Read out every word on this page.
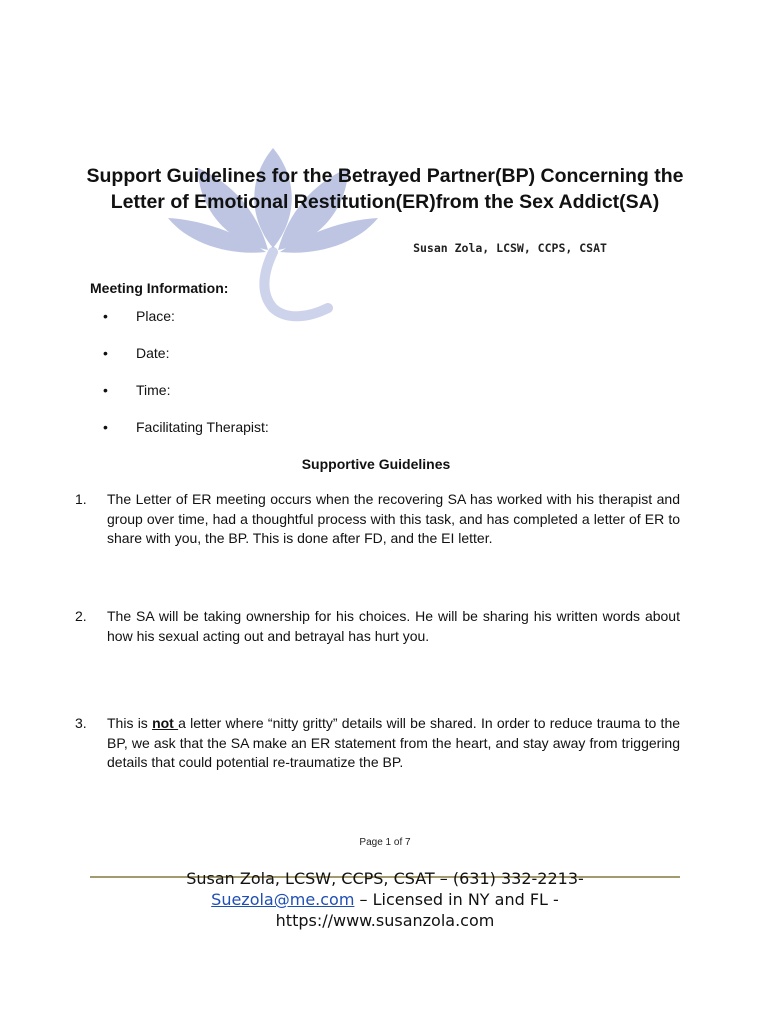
Support Guidelines for the Betrayed Partner(BP) Concerning the Letter of Emotional Restitution(ER)from the Sex Addict(SA)
Susan Zola, LCSW, CCPS, CSAT
Meeting Information:
• Place:
• Date:
• Time:
• Facilitating Therapist:
Supportive Guidelines
1. The Letter of ER meeting occurs when the recovering SA has worked with his therapist and group over time, had a thoughtful process with this task, and has completed a letter of ER to share with you, the BP. This is done after FD, and the EI letter.
2. The SA will be taking ownership for his choices. He will be sharing his written words about how his sexual acting out and betrayal has hurt you.
3. This is not a letter where “nitty gritty” details will be shared. In order to reduce trauma to the BP, we ask that the SA make an ER statement from the heart, and stay away from triggering details that could potential re-traumatize the BP.
Page 1 of 7
Susan Zola, LCSW, CCPS, CSAT – (631) 332-2213-
Suezola@me.com – Licensed in NY and FL -
https://www.susanzola.com
